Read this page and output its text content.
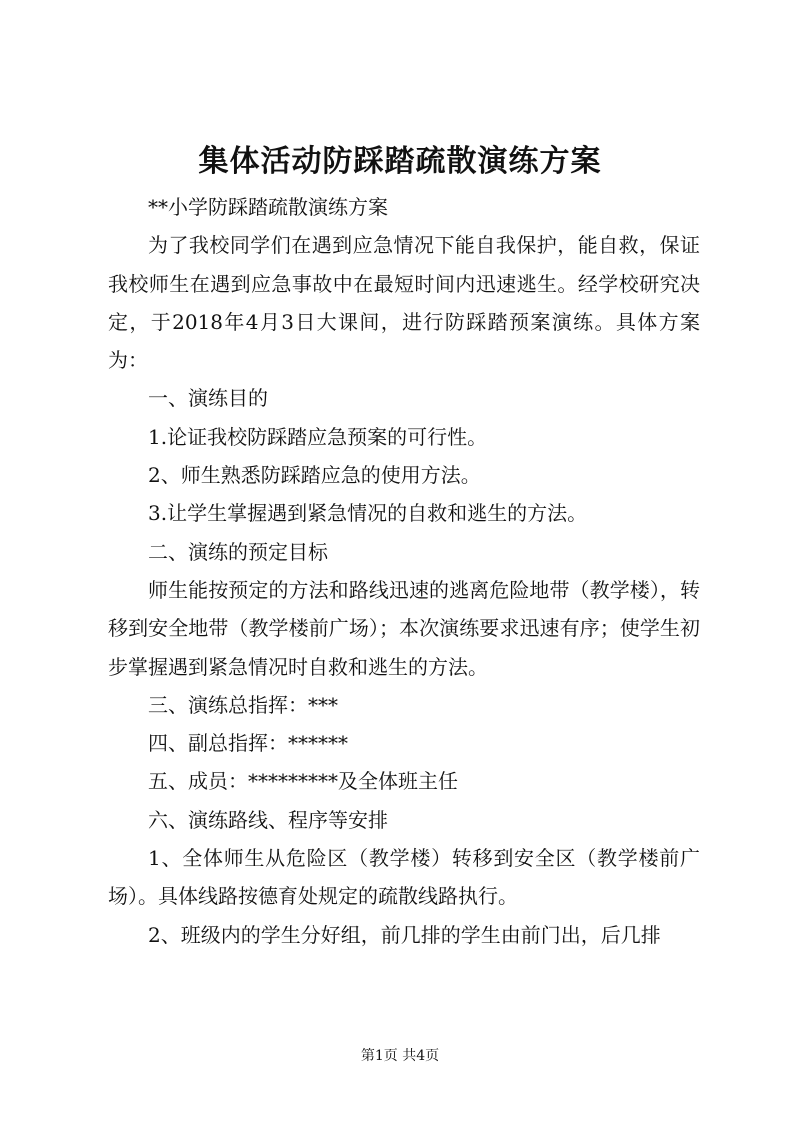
集体活动防踩踏疏散演练方案

**小学防踩踏疏散演练方案

为了我校同学们在遇到应急情况下能自我保护，能自救，保证我校师生在遇到应急事故中在最短时间内迅速逃生。经学校研究决定，于2018年4月3日大课间，进行防踩踏预案演练。具体方案为：

一、演练目的

1.论证我校防踩踏应急预案的可行性。

2、师生熟悉防踩踏应急的使用方法。

3.让学生掌握遇到紧急情况的自救和逃生的方法。

二、演练的预定目标

师生能按预定的方法和路线迅速的逃离危险地带（教学楼），转移到安全地带（教学楼前广场）；本次演练要求迅速有序；使学生初步掌握遇到紧急情况时自救和逃生的方法。

三、演练总指挥：***

四、副总指挥：******

五、成员：*********及全体班主任

六、演练路线、程序等安排

1、全体师生从危险区（教学楼）转移到安全区（教学楼前广场）。具体线路按德育处规定的疏散线路执行。

2、班级内的学生分好组，前几排的学生由前门出，后几排

第1页 共4页
